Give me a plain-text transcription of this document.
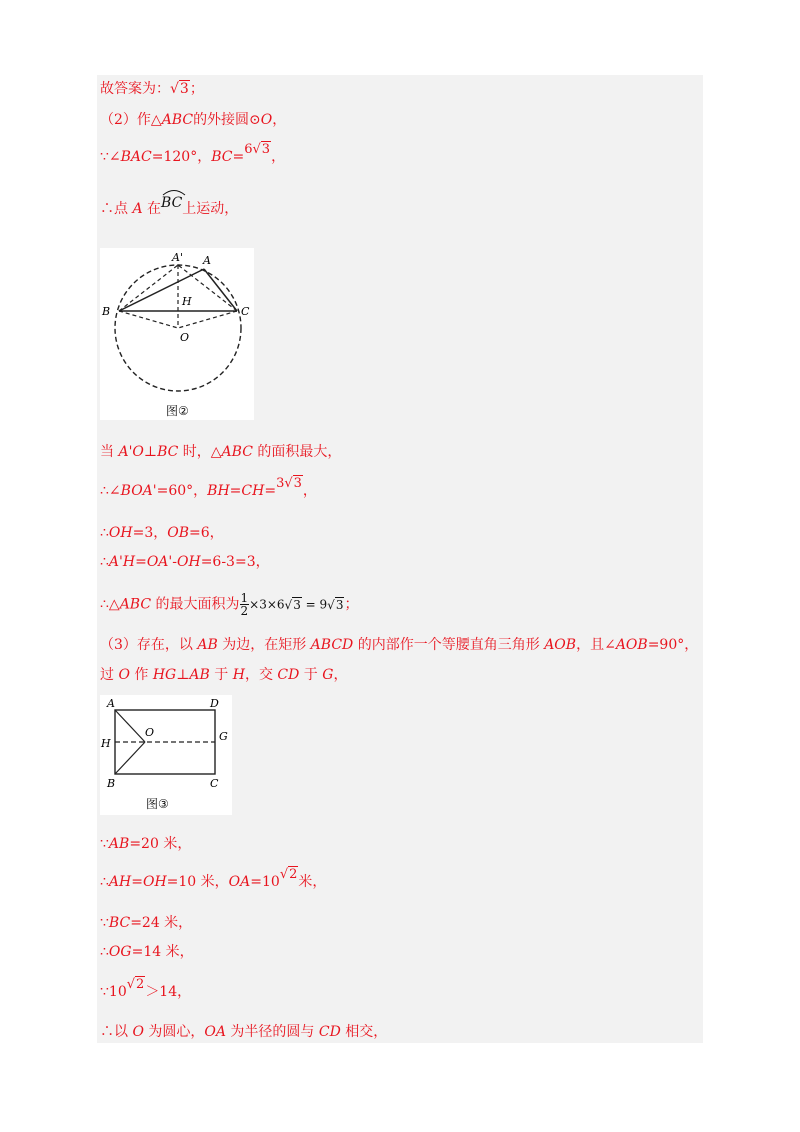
故答案为：√3；
（2）作△ABC的外接圆⊙O，
∵∠BAC=120°，BC=6√3，
∴点 A 在
BC上运动，
A' A
B	C
H
O
图②
当 A'O⊥BC 时，△ABC 的面积最大，
∴∠BOA'=60°，BH=CH=3√3，
∴OH=3，OB=6，
∴A'H=OA'-OH=6-3=3，
∴△ABC 的最大面积为 $\frac{1}{2} \times 3\times 6√3 = 9√3$；
（3）存在，以 AB 为边，在矩形 ABCD 的内部作一个等腰直角三角形 AOB，且∠AOB=90°，
过 O 作 HG⊥AB 于 H，交 CD 于 G，
A	D
H
O	G
B	C
图③
∵AB=20 米，
∴AH=OH=10 米，OA=10√2米，
∵BC=24 米，
∴OG=14 米，
∵10√2＞14，
∴以 O 为圆心，OA 为半径的圆与 CD 相交，
